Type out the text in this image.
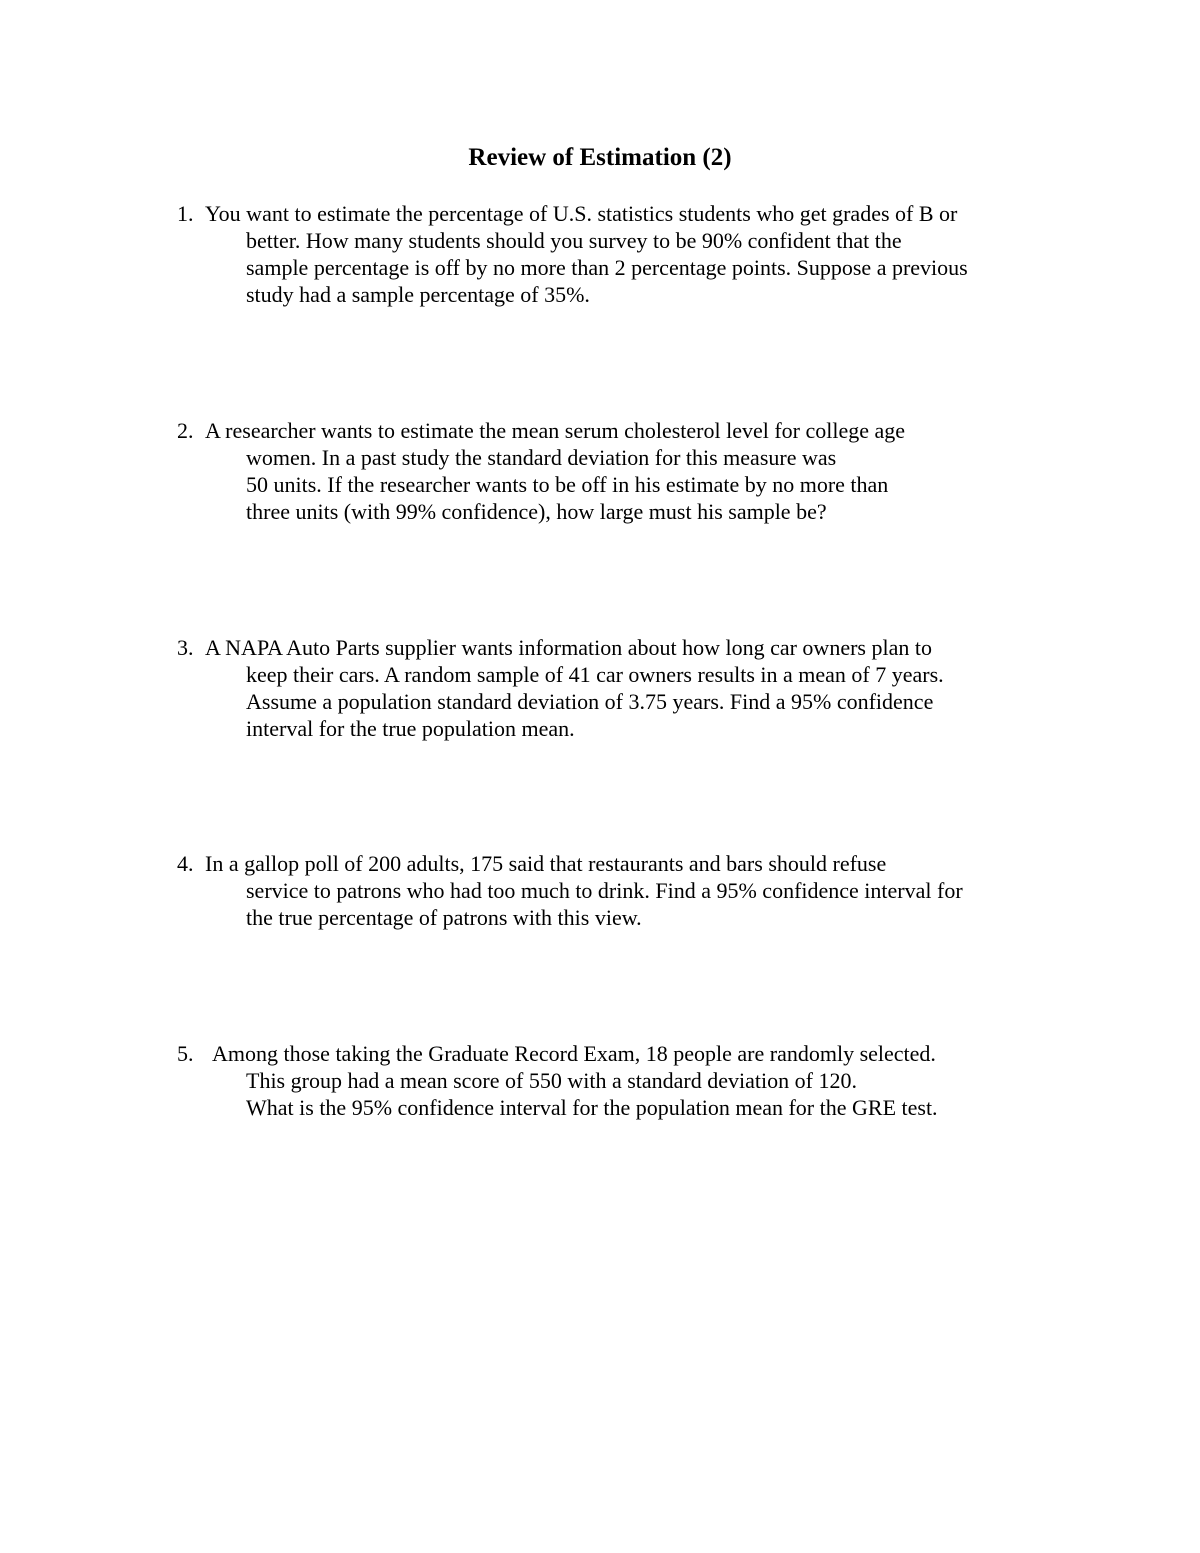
Review of Estimation (2)
1. You want to estimate the percentage of U.S. statistics students who get grades of B or
better. How many students should you survey to be 90% confident that the
sample percentage is off by no more than 2 percentage points. Suppose a previous
study had a sample percentage of 35%.
2. A researcher wants to estimate the mean serum cholesterol level for college age
women. In a past study the standard deviation for this measure was
50 units. If the researcher wants to be off in his estimate by no more than
three units (with 99% confidence), how large must his sample be?
3. A NAPA Auto Parts supplier wants information about how long car owners plan to
keep their cars. A random sample of 41 car owners results in a mean of 7 years.
Assume a population standard deviation of 3.75 years. Find a 95% confidence
interval for the true population mean.
4. In a gallop poll of 200 adults, 175 said that restaurants and bars should refuse
service to patrons who had too much to drink. Find a 95% confidence interval for
the true percentage of patrons with this view.
5. Among those taking the Graduate Record Exam, 18 people are randomly selected.
This group had a mean score of 550 with a standard deviation of 120.
What is the 95% confidence interval for the population mean for the GRE test.
